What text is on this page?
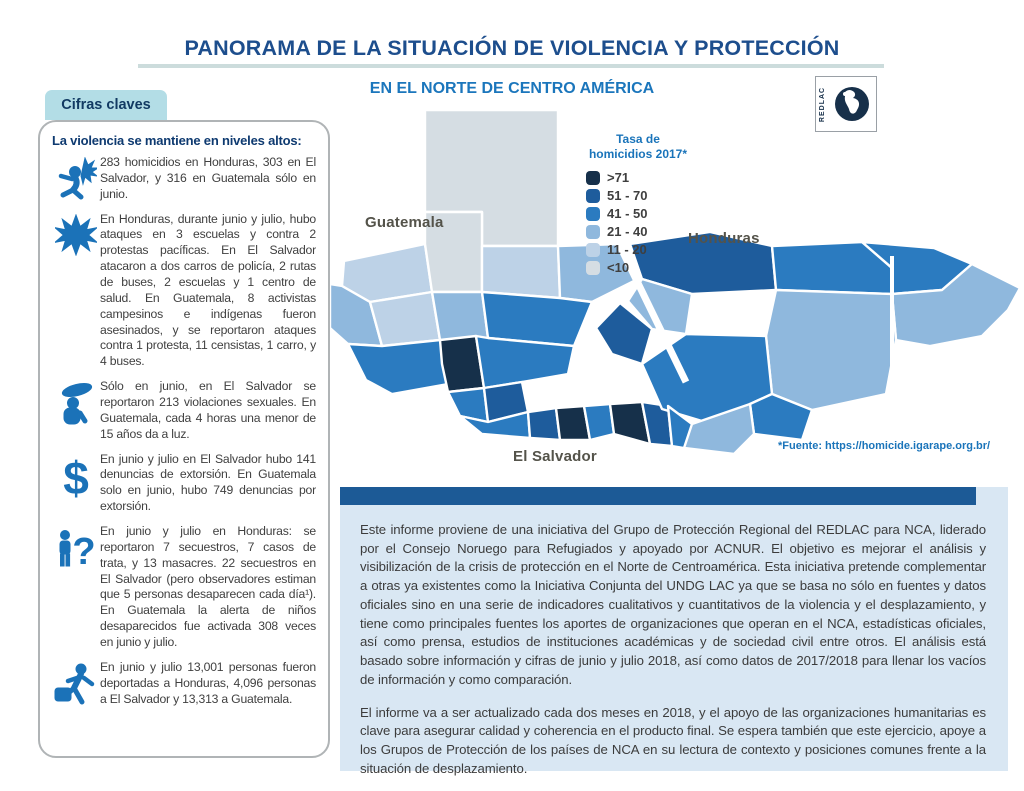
PANORAMA DE LA SITUACIÓN DE VIOLENCIA Y PROTECCIÓN
EN EL NORTE DE CENTRO AMÉRICA	REDLAC
Cifras claves
La violencia se mantiene en niveles altos:
283 homicidios en Honduras, 303 en El Salvador, y 316 en Guatemala sólo en junio.
En Honduras, durante junio y julio, hubo ataques en 3 escuelas y contra 2 protestas pacíficas. En El Salvador atacaron a dos carros de policía, 2 rutas de buses, 2 escuelas y 1 centro de salud. En Guatemala, 8 activistas campesinos e indígenas fueron asesinados, y se reportaron ataques contra 1 protesta, 11 censistas, 1 carro, y 4 buses.
Sólo en junio, en El Salvador se reportaron 213 violaciones sexuales. En Guatemala, cada 4 horas una menor de 15 años da a luz.
$ En junio y julio en El Salvador hubo 141 denuncias de extorsión. En Guatemala solo en junio, hubo 749 denuncias por extorsión.
? En junio y julio en Honduras: se reportaron 7 secuestros, 7 casos de trata, y 13 masacres. 22 secuestros en El Salvador (pero observadores estiman que 5 personas desaparecen cada día¹). En Guatemala la alerta de niños desaparecidos fue activada 308 veces en junio y julio.
En junio y julio 13,001 personas fueron deportadas a Honduras, 4,096 personas a El Salvador y 13,313 a Guatemala.
Tasa de
homicidios 2017*
>71
51 - 70
41 - 50
21 - 40
11 - 20
<10
Guatemala
Honduras
El Salvador
*Fuente: https://homicide.igarape.org.br/

Este informe proviene de una iniciativa del Grupo de Protección Regional del REDLAC para NCA, liderado por el Consejo Noruego para Refugiados y apoyado por ACNUR. El objetivo es mejorar el análisis y visibilización de la crisis de protección en el Norte de Centroamérica. Esta iniciativa pretende complementar a otras ya existentes como la Iniciativa Conjunta del UNDG LAC ya que se basa no sólo en fuentes y datos oficiales sino en una serie de indicadores cualitativos y cuantitativos de la violencia y el desplazamiento, y tiene como principales fuentes los aportes de organizaciones que operan en el NCA, estadísticas oficiales, así como prensa, estudios de instituciones académicas y de sociedad civil entre otros. El análisis está basado sobre información y cifras de junio y julio 2018, así como datos de 2017/2018 para llenar los vacíos de información y como comparación.

El informe va a ser actualizado cada dos meses en 2018, y el apoyo de las organizaciones humanitarias es clave para asegurar calidad y coherencia en el producto final. Se espera también que este ejercicio, apoye a los Grupos de Protección de los países de NCA en su lectura de contexto y posiciones comunes frente a la situación de desplazamiento.
